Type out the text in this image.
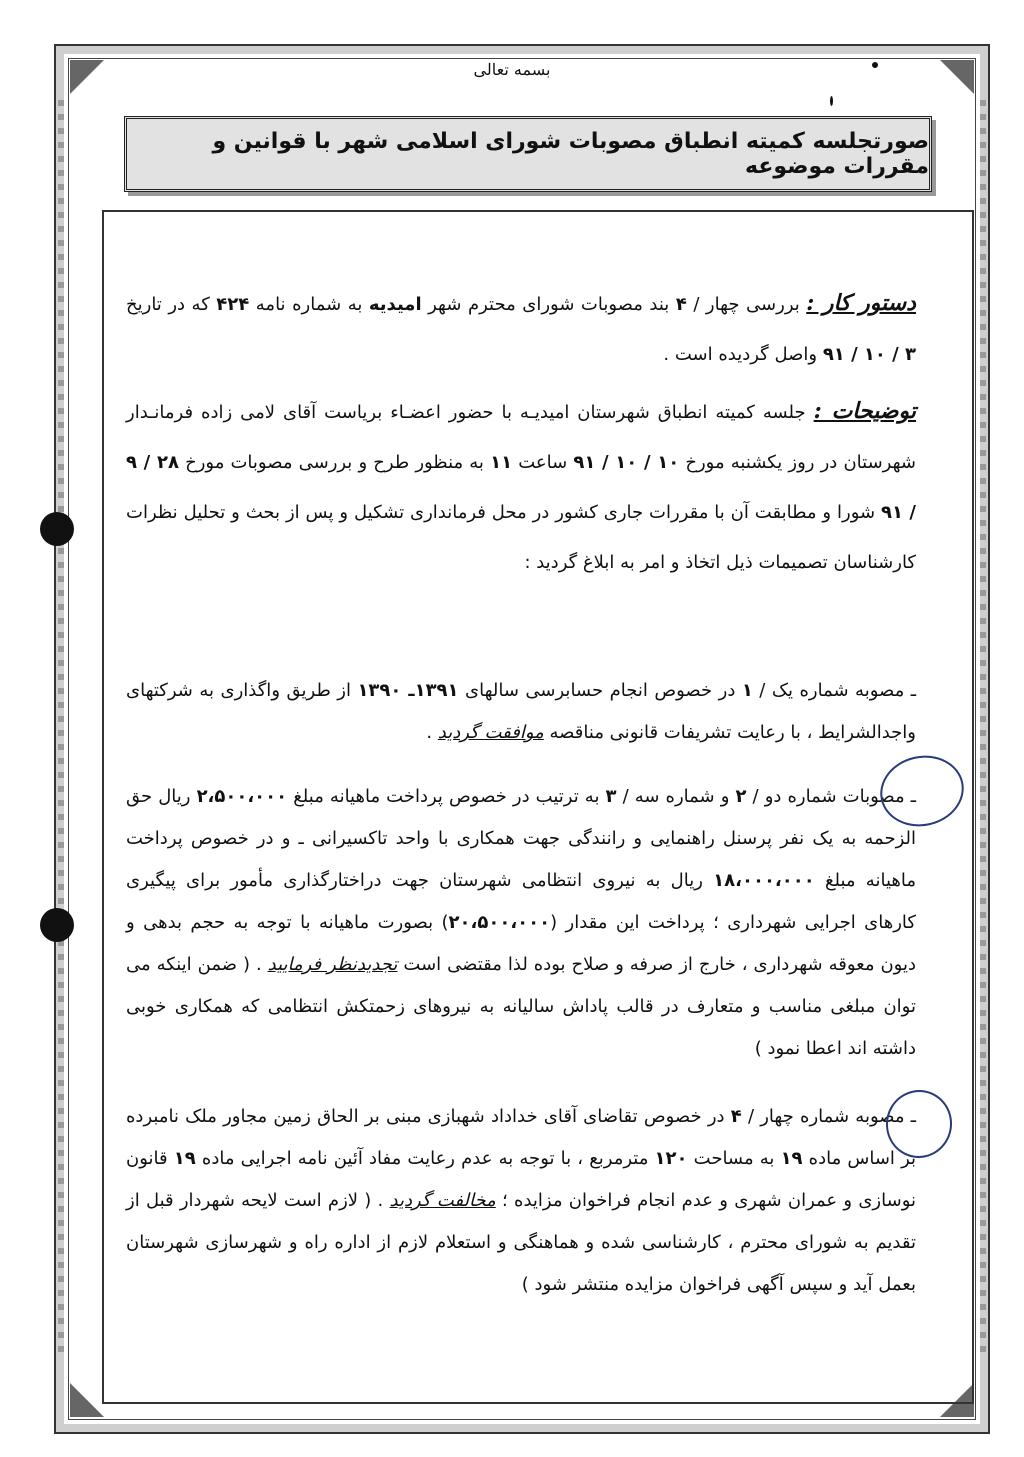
بسمه تعالی
صورتجلسه کمیته انطباق مصوبات شورای اسلامی شهر با قوانین و مقررات موضوعه
دستور کار : بررسی چهار / ۴ بند مصوبات شورای محترم شهر امیدیه به شماره نامه ۴۲۴ که در تاریخ ۳ / ۱۰ / ۹۱ واصل گردیده است .
توضیحات : جلسه کمیته انطباق شهرستان امیدیـه با حضور اعضـاء بریاست آقای لامی زاده فرمانـدار شهرستان در روز یکشنبه مورخ ۱۰ / ۱۰ / ۹۱ ساعت ۱۱ به منظور طرح و بررسی مصوبات مورخ ۲۸ / ۹ / ۹۱ شورا و مطابقت آن با مقررات جاری کشور در محل فرمانداری تشکیل و پس از بحث و تحلیل نظرات کارشناسان تصمیمات ذیل اتخاذ و امر به ابلاغ گردید :
ـ مصوبه شماره یک / ۱ در خصوص انجام حسابرسی سالهای ۱۳۹۱ـ ۱۳۹۰ از طریق واگذاری به شرکتهای واجدالشرایط ، با رعایت تشریفات قانونی مناقصه موافقت گردید .
ـ مصوبات شماره دو / ۲ و شماره سه / ۳ به ترتیب در خصوص پرداخت ماهیانه مبلغ ۲،۵۰۰،۰۰۰ ریال حق الزحمه به یک نفر پرسنل راهنمایی و رانندگی جهت همکاری با واحد تاکسیرانی ـ و در خصوص پرداخت ماهیانه مبلغ ۱۸،۰۰۰،۰۰۰ ریال به نیروی انتظامی شهرستان جهت دراختارگذاری مأمور برای پیگیری کارهای اجرایی شهرداری ؛ پرداخت این مقدار (۲۰،۵۰۰،۰۰۰) بصورت ماهیانه با توجه به حجم بدهی و دیون معوقه شهرداری ، خارج از صرفه و صلاح بوده لذا مقتضی است تجدیدنظر فرمایید . ( ضمن اینکه می توان مبلغی مناسب و متعارف در قالب پاداش سالیانه به نیروهای زحمتکش انتظامی که همکاری خوبی داشته اند اعطا نمود )
ـ مصوبه شماره چهار / ۴ در خصوص تقاضای آقای خداداد شهبازی مبنی بر الحاق زمین مجاور ملک نامبرده بر اساس ماده ۱۹ به مساحت ۱۲۰ مترمربع ، با توجه به عدم رعایت مفاد آئین نامه اجرایی ماده ۱۹ قانون نوسازی و عمران شهری و عدم انجام فراخوان مزایده ؛ مخالفت گردید . ( لازم است لایحه شهردار قبل از تقدیم به شورای محترم ، کارشناسی شده و هماهنگی و استعلام لازم از اداره راه و شهرسازی شهرستان بعمل آید و سپس آگهی فراخوان مزایده منتشر شود )
